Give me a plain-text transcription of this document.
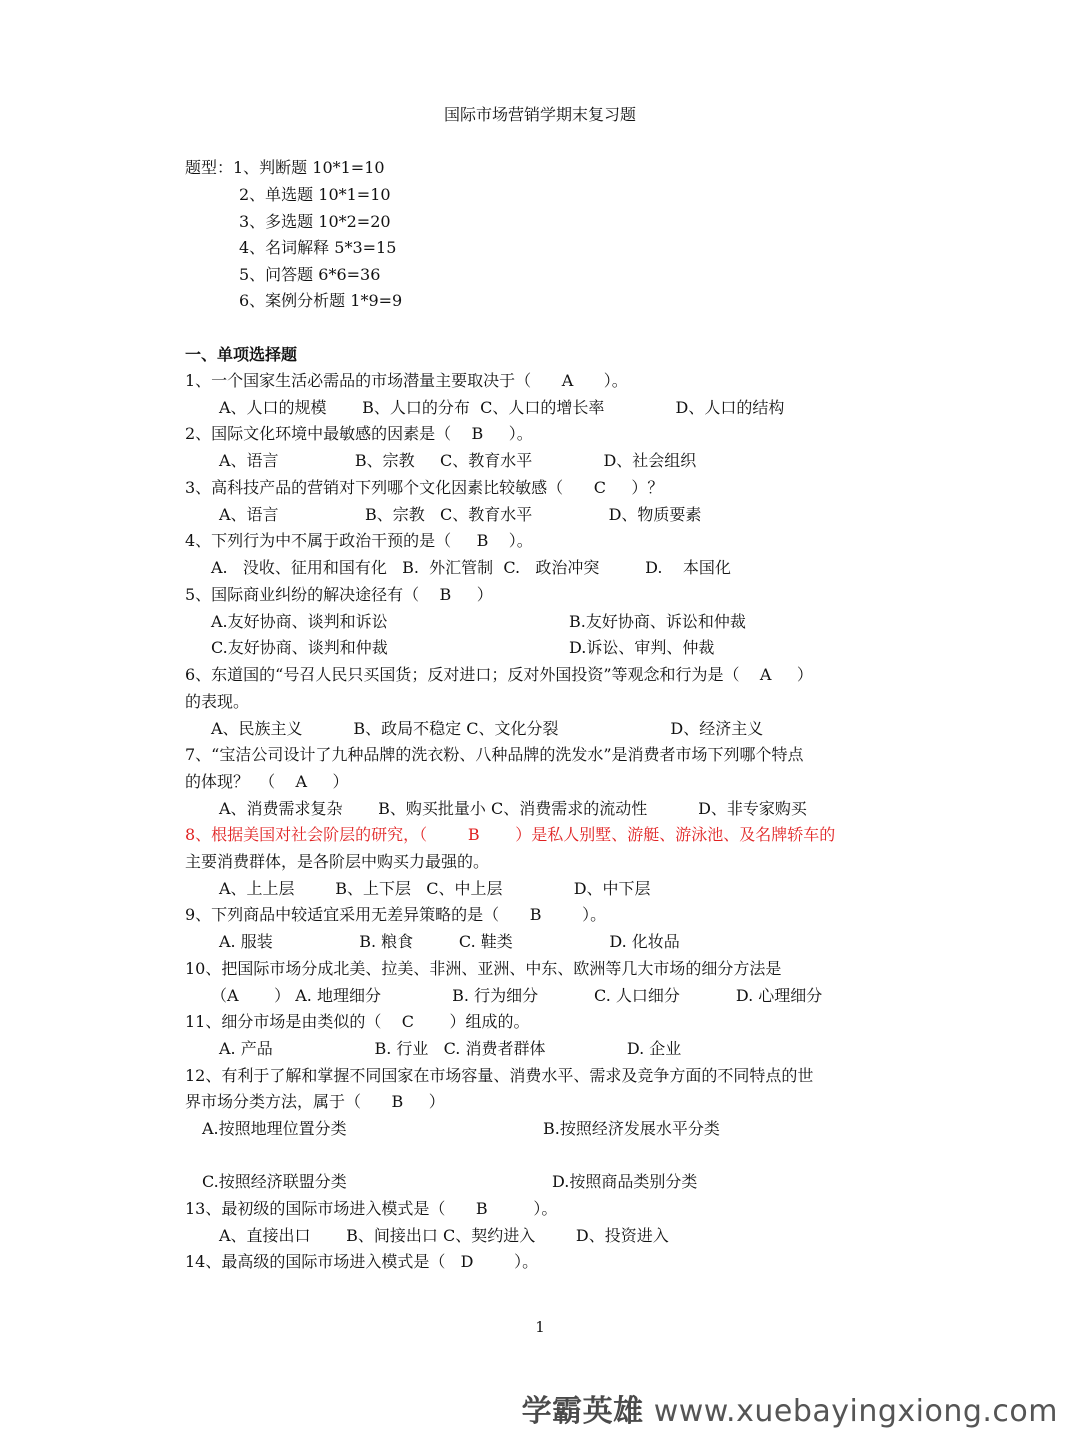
国际市场营销学期末复习题
题型：1、判断题 10*1=10
2、单选题 10*1=10
3、多选题 10*2=20
4、名词解释 5*3=15
5、问答题 6*6=36
6、案例分析题 1*9=9
一、单项选择题
1、一个国家生活必需品的市场潜量主要取决于（      A      ）。
A、人口的规模       B、人口的分布  C、人口的增长率              D、人口的结构
2、国际文化环境中最敏感的因素是（    B     ）。
A、语言               B、宗教     C、教育水平              D、社会组织
3、高科技产品的营销对下列哪个文化因素比较敏感（      C     ）？
A、语言                 B、宗教   C、教育水平               D、物质要素
4、下列行为中不属于政治干预的是（     B    ）。
A.   没收、征用和国有化   B.  外汇管制  C.   政治冲突         D.    本国化
5、国际商业纠纷的解决途径有（    B     ）
A.友好协商、谈判和诉讼	B.友好协商、诉讼和仲裁
C.友好协商、谈判和仲裁	D.诉讼、审判、仲裁
6、东道国的“号召人民只买国货；反对进口；反对外国投资”等观念和行为是（    A     ）
的表现。
A、民族主义          B、政局不稳定 C、文化分裂                      D、经济主义
7、“宝洁公司设计了九种品牌的洗衣粉、八种品牌的洗发水”是消费者市场下列哪个特点
的体现？  （    A     ）
A、消费需求复杂       B、购买批量小 C、消费需求的流动性          D、非专家购买
8、根据美国对社会阶层的研究，（        B       ）是私人别墅、游艇、游泳池、及名牌轿车的
主要消费群体，是各阶层中购买力最强的。
A、上上层        B、上下层   C、中上层              D、中下层
9、下列商品中较适宜采用无差异策略的是（      B        ）。
A. 服装                 B. 粮食         C. 鞋类                   D. 化妆品
10、把国际市场分成北美、拉美、非洲、亚洲、中东、欧洲等几大市场的细分方法是
（A       ） A. 地理细分              B. 行为细分           C. 人口细分           D. 心理细分
11、细分市场是由类似的（    C       ）组成的。
A. 产品                    B. 行业   C. 消费者群体                D. 企业
12、有利于了解和掌握不同国家在市场容量、消费水平、需求及竞争方面的不同特点的世
界市场分类方法，属于（      B     ）
A.按照地理位置分类	B.按照经济发展水平分类
C.按照经济联盟分类	D.按照商品类别分类
13、最初级的国际市场进入模式是（      B         ）。
A、直接出口       B、间接出口 C、契约进入        D、投资进入
14、最高级的国际市场进入模式是（   D        ）。
1
学霸英雄 www.xuebayingxiong.com
